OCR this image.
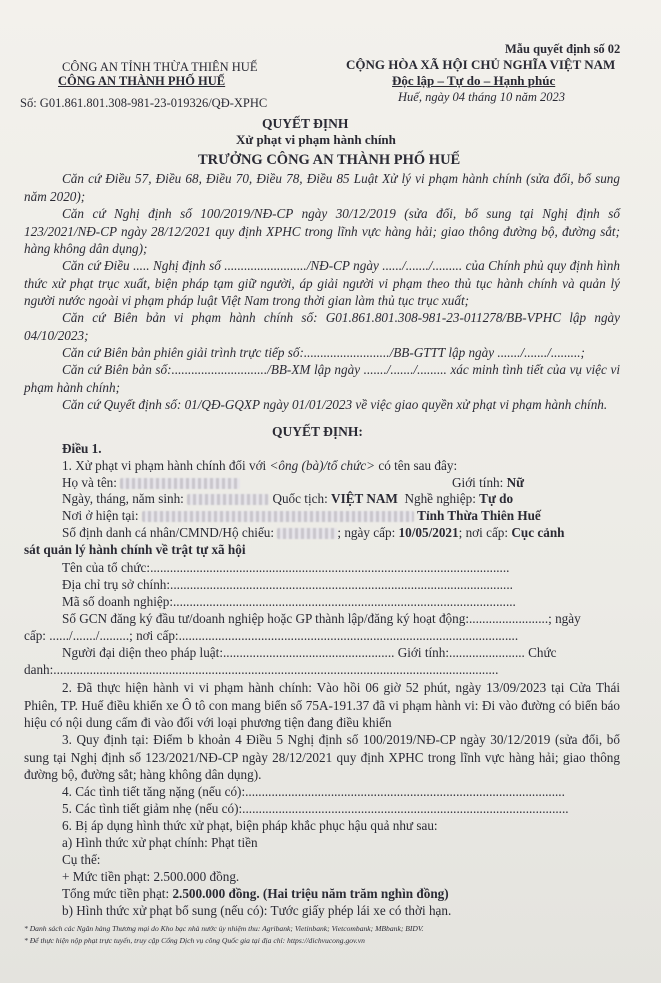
Mẫu quyết định số 02
CÔNG AN TỈNH THỪA THIÊN HUẾ
CÔNG AN THÀNH PHỐ HUẾ
CỘNG HÒA XÃ HỘI CHỦ NGHĨA VIỆT NAM
Độc lập – Tự do – Hạnh phúc
Số: G01.861.801.308-981-23-019326/QĐ-XPHC	Huế, ngày 04 tháng 10 năm 2023
QUYẾT ĐỊNH
Xử phạt vi phạm hành chính
TRƯỞNG CÔNG AN THÀNH PHỐ HUẾ
Căn cứ Điều 57, Điều 68, Điều 70, Điều 78, Điều 85 Luật Xử lý vi phạm hành chính (sửa đổi, bổ sung năm 2020);
Căn cứ Nghị định số 100/2019/NĐ-CP ngày 30/12/2019 (sửa đổi, bổ sung tại Nghị định số 123/2021/NĐ-CP ngày 28/12/2021 quy định XPHC trong lĩnh vực hàng hải; giao thông đường bộ, đường sắt; hàng không dân dụng);
Căn cứ Điều ..... Nghị định số ........................./NĐ-CP ngày ....../......./......... của Chính phủ quy định hình thức xử phạt trục xuất, biện pháp tạm giữ người, áp giải người vi phạm theo thủ tục hành chính và quản lý người nước ngoài vi phạm pháp luật Việt Nam trong thời gian làm thủ tục trục xuất;
Căn cứ Biên bản vi phạm hành chính số: G01.861.801.308-981-23-011278/BB-VPHC lập ngày 04/10/2023;
Căn cứ Biên bản phiên giải trình trực tiếp số:........................../BB-GTTT lập ngày ......./......./.........;
Căn cứ Biên bản số:............................./BB-XM lập ngày ......./......./......... xác minh tình tiết của vụ việc vi phạm hành chính;
Căn cứ Quyết định số: 01/QĐ-GQXP ngày 01/01/2023 về việc giao quyền xử phạt vi phạm hành chính.
QUYẾT ĐỊNH:
Điều 1.
1. Xử phạt vi phạm hành chính đối với <ông (bà)/tổ chức> có tên sau đây:
Họ và tên:	Giới tính: Nữ
Ngày, tháng, năm sinh:	Quốc tịch: VIỆT NAM Nghề nghiệp: Tự do
Nơi ở hiện tại:	Tỉnh Thừa Thiên Huế
Số định danh cá nhân/CMND/Hộ chiếu:	; ngày cấp: 10/05/2021; nơi cấp: Cục cảnh
sát quản lý hành chính về trật tự xã hội
Tên của tổ chức:.............................................................................................................
Địa chỉ trụ sở chính:........................................................................................................
Mã số doanh nghiệp:........................................................................................................
Số GCN đăng ký đầu tư/doanh nghiệp hoặc GP thành lập/đăng ký hoạt động:........................; ngày
cấp: ....../......./.........; nơi cấp:.......................................................................................................
Người đại diện theo pháp luật:.................................................... Giới tính:....................... Chức
danh:.......................................................................................................................................
2. Đã thực hiện hành vi vi phạm hành chính: Vào hồi 06 giờ 52 phút, ngày 13/09/2023 tại Cửa Thái Phiên, TP. Huế điều khiển xe Ô tô con mang biển số 75A-191.37 đã vi phạm hành vi: Đi vào đường có biển báo hiệu có nội dung cấm đi vào đối với loại phương tiện đang điều khiển
3. Quy định tại: Điểm b khoản 4 Điều 5 Nghị định số 100/2019/NĐ-CP ngày 30/12/2019 (sửa đổi, bổ sung tại Nghị định số 123/2021/NĐ-CP ngày 28/12/2021 quy định XPHC trong lĩnh vực hàng hải; giao thông đường bộ, đường sắt; hàng không dân dụng).
4. Các tình tiết tăng nặng (nếu có):.................................................................................................
5. Các tình tiết giảm nhẹ (nếu có):...................................................................................................
6. Bị áp dụng hình thức xử phạt, biện pháp khắc phục hậu quả như sau:
a) Hình thức xử phạt chính: Phạt tiền
Cụ thể:
+ Mức tiền phạt: 2.500.000 đồng.
Tổng mức tiền phạt: 2.500.000 đồng. (Hai triệu năm trăm nghìn đồng)
b) Hình thức xử phạt bổ sung (nếu có): Tước giấy phép lái xe có thời hạn.
* Danh sách các Ngân hàng Thương mại do Kho bạc nhà nước ủy nhiệm thu: Agribank; Vietinbank; Vietcombank; MBbank; BIDV.
* Để thực hiện nộp phạt trực tuyến, truy cập Cổng Dịch vụ công Quốc gia tại địa chỉ: https://dichvucong.gov.vn
